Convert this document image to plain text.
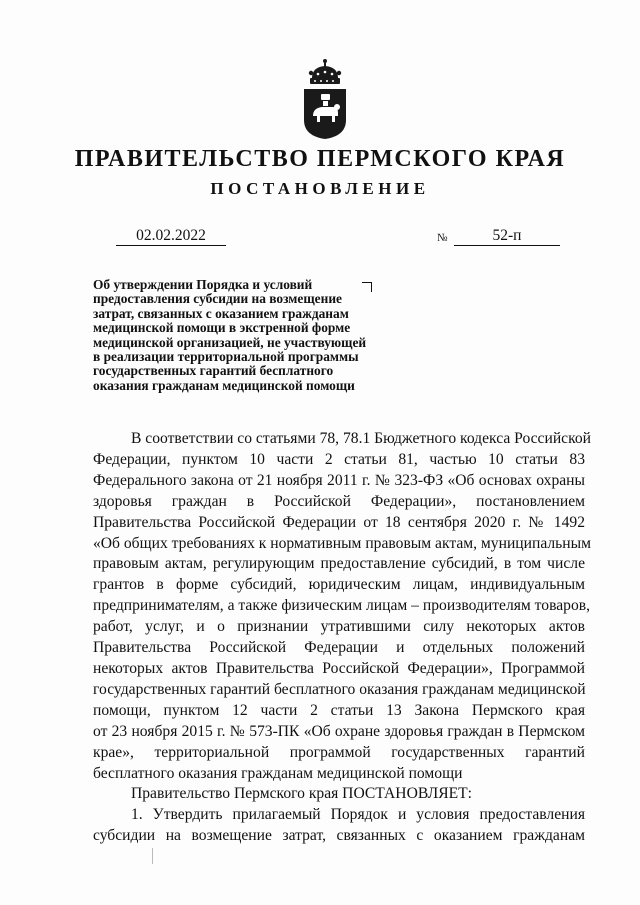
ПРАВИТЕЛЬСТВО ПЕРМСКОГО КРАЯ
ПОСТАНОВЛЕНИЕ
02.02.2022	№	52-п
Об утверждении Порядка и условий
предоставления субсидии на возмещение
затрат, связанных с оказанием гражданам
медицинской помощи в экстренной форме
медицинской организацией, не участвующей
в реализации территориальной программы
государственных гарантий бесплатного
оказания гражданам медицинской помощи
В соответствии со статьями 78, 78.1 Бюджетного кодекса Российской
Федерации, пунктом 10 части 2 статьи 81, частью 10 статьи 83
Федерального закона от 21 ноября 2011 г. № 323-ФЗ «Об основах охраны
здоровья граждан в Российской Федерации», постановлением
Правительства Российской Федерации от 18 сентября 2020 г. № 1492
«Об общих требованиях к нормативным правовым актам, муниципальным
правовым актам, регулирующим предоставление субсидий, в том числе
грантов в форме субсидий, юридическим лицам, индивидуальным
предпринимателям, а также физическим лицам – производителям товаров,
работ, услуг, и о признании утратившими силу некоторых актов
Правительства Российской Федерации и отдельных положений
некоторых актов Правительства Российской Федерации», Программой
государственных гарантий бесплатного оказания гражданам медицинской
помощи, пунктом 12 части 2 статьи 13 Закона Пермского края
от 23 ноября 2015 г. № 573-ПК «Об охране здоровья граждан в Пермском
крае», территориальной программой государственных гарантий
бесплатного оказания гражданам медицинской помощи
Правительство Пермского края ПОСТАНОВЛЯЕТ:
1. Утвердить прилагаемый Порядок и условия предоставления
субсидии на возмещение затрат, связанных с оказанием гражданам
